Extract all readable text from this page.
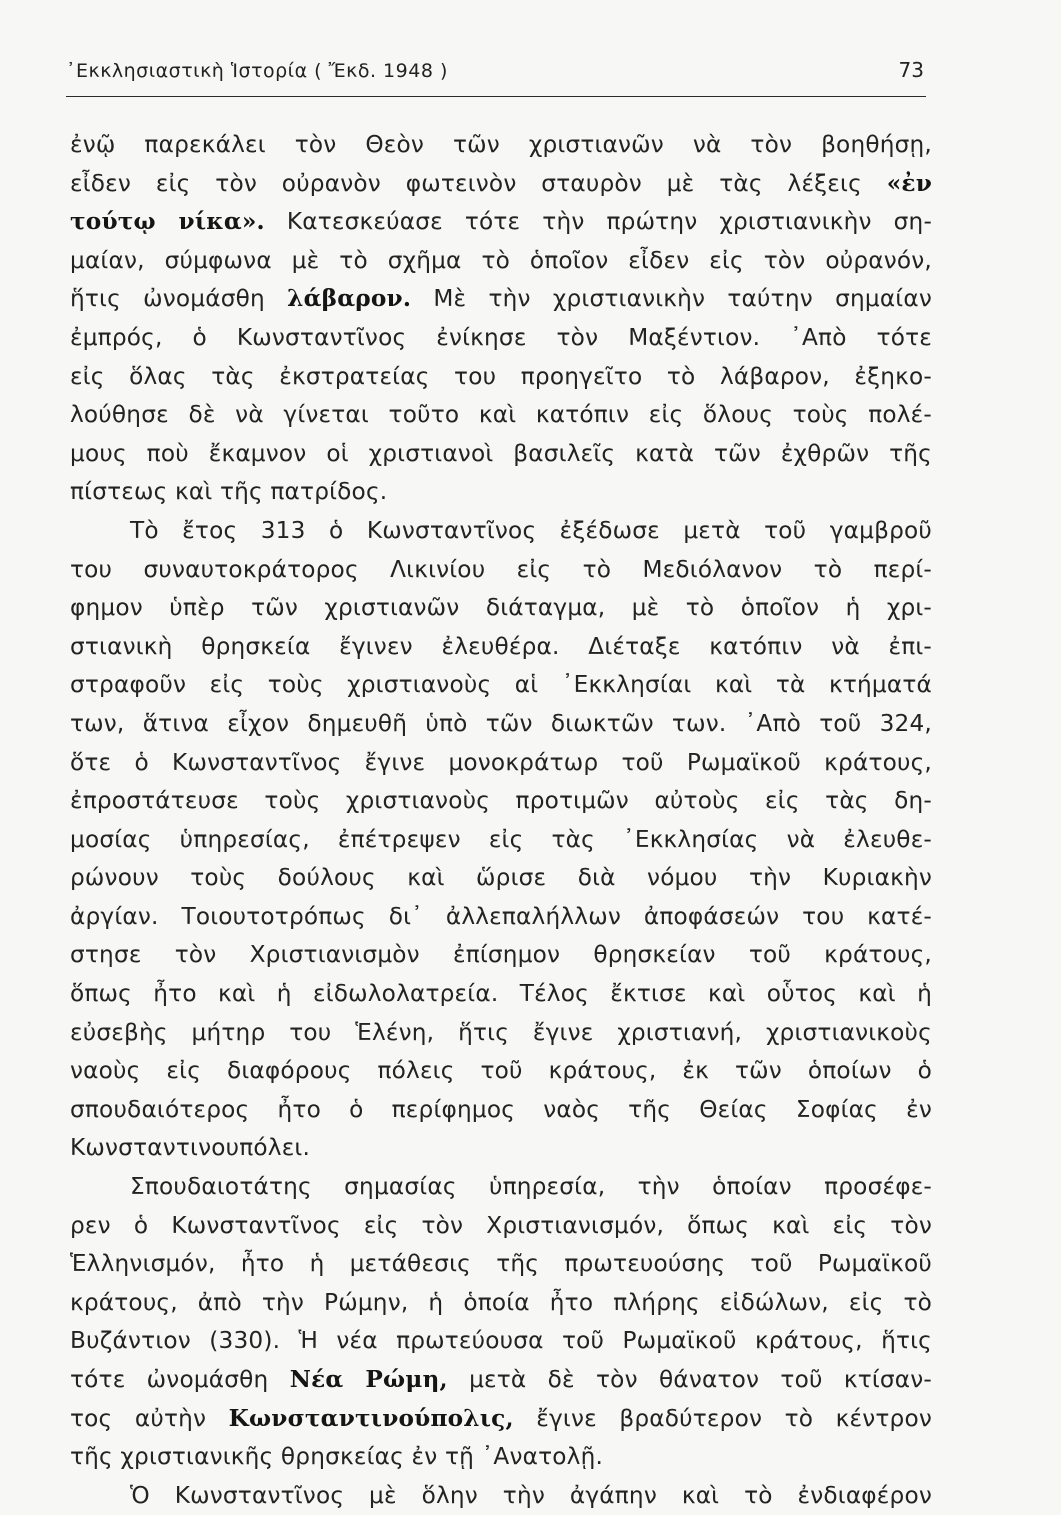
᾿Εκκλησιαστικὴ Ἱστορία ( Ἔκδ. 1948 )	73
ἐνῷ παρεκάλει τὸν Θεὸν τῶν χριστιανῶν νὰ τὸν βοηθήσῃ,
εἶδεν εἰς τὸν οὐρανὸν φωτεινὸν σταυρὸν μὲ τὰς λέξεις «ἐν
τούτῳ νίκα». Κατεσκεύασε τότε τὴν πρώτην χριστιανικὴν ση-
μαίαν, σύμφωνα μὲ τὸ σχῆμα τὸ ὁποῖον εἶδεν εἰς τὸν οὐρανόν,
ἥτις ὠνομάσθη λάβαρον. Μὲ τὴν χριστιανικὴν ταύτην σημαίαν
ἐμπρός, ὁ Κωνσταντῖνος ἐνίκησε τὸν Μαξέντιον. ᾿Απὸ τότε
εἰς ὅλας τὰς ἐκστρατείας του προηγεῖτο τὸ λάβαρον, ἐξηκο-
λούθησε δὲ νὰ γίνεται τοῦτο καὶ κατόπιν εἰς ὅλους τοὺς πολέ-
μους ποὺ ἔκαμνον οἱ χριστιανοὶ βασιλεῖς κατὰ τῶν ἐχθρῶν τῆς
πίστεως καὶ τῆς πατρίδος.
Τὸ ἔτος 313 ὁ Κωνσταντῖνος ἐξέδωσε μετὰ τοῦ γαμβροῦ
του συναυτοκράτορος Λικινίου εἰς τὸ Μεδιόλανον τὸ περί-
φημον ὑπὲρ τῶν χριστιανῶν διάταγμα, μὲ τὸ ὁποῖον ἡ χρι-
στιανικὴ θρησκεία ἔγινεν ἐλευθέρα. Διέταξε κατόπιν νὰ ἐπι-
στραφοῦν εἰς τοὺς χριστιανοὺς αἱ ᾿Εκκλησίαι καὶ τὰ κτήματά
των, ἅτινα εἶχον δημευθῆ ὑπὸ τῶν διωκτῶν των. ᾿Απὸ τοῦ 324,
ὅτε ὁ Κωνσταντῖνος ἔγινε μονοκράτωρ τοῦ Ρωμαϊκοῦ κράτους,
ἐπροστάτευσε τοὺς χριστιανοὺς προτιμῶν αὐτοὺς εἰς τὰς δη-
μοσίας ὑπηρεσίας, ἐπέτρεψεν εἰς τὰς ᾿Εκκλησίας νὰ ἐλευθε-
ρώνουν τοὺς δούλους καὶ ὥρισε διὰ νόμου τὴν Κυριακὴν
ἀργίαν. Τοιουτοτρόπως δι᾿ ἀλλεπαλήλλων ἀποφάσεών του κατέ-
στησε τὸν Χριστιανισμὸν ἐπίσημον θρησκείαν τοῦ κράτους,
ὅπως ἦτο καὶ ἡ εἰδωλολατρεία. Τέλος ἔκτισε καὶ οὗτος καὶ ἡ
εὐσεβὴς μήτηρ του Ἑλένη, ἥτις ἔγινε χριστιανή, χριστιανικοὺς
ναοὺς εἰς διαφόρους πόλεις τοῦ κράτους, ἐκ τῶν ὁποίων ὁ
σπουδαιότερος ἦτο ὁ περίφημος ναὸς τῆς Θείας Σοφίας ἐν
Κωνσταντινουπόλει.
Σπουδαιοτάτης σημασίας ὑπηρεσία, τὴν ὁποίαν προσέφε-
ρεν ὁ Κωνσταντῖνος εἰς τὸν Χριστιανισμόν, ὅπως καὶ εἰς τὸν
Ἑλληνισμόν, ἦτο ἡ μετάθεσις τῆς πρωτευούσης τοῦ Ρωμαϊκοῦ
κράτους, ἀπὸ τὴν Ρώμην, ἡ ὁποία ἦτο πλήρης εἰδώλων, εἰς τὸ
Βυζάντιον (330). Ἡ νέα πρωτεύουσα τοῦ Ρωμαϊκοῦ κράτους, ἥτις
τότε ὠνομάσθη Νέα Ρώμη, μετὰ δὲ τὸν θάνατον τοῦ κτίσαν-
τος αὐτὴν Κωνσταντινούπολις, ἔγινε βραδύτερον τὸ κέντρον
τῆς χριστιανικῆς θρησκείας ἐν τῇ ᾿Ανατολῇ.
Ὁ Κωνσταντῖνος μὲ ὅλην τὴν ἀγάπην καὶ τὸ ἐνδιαφέρον
